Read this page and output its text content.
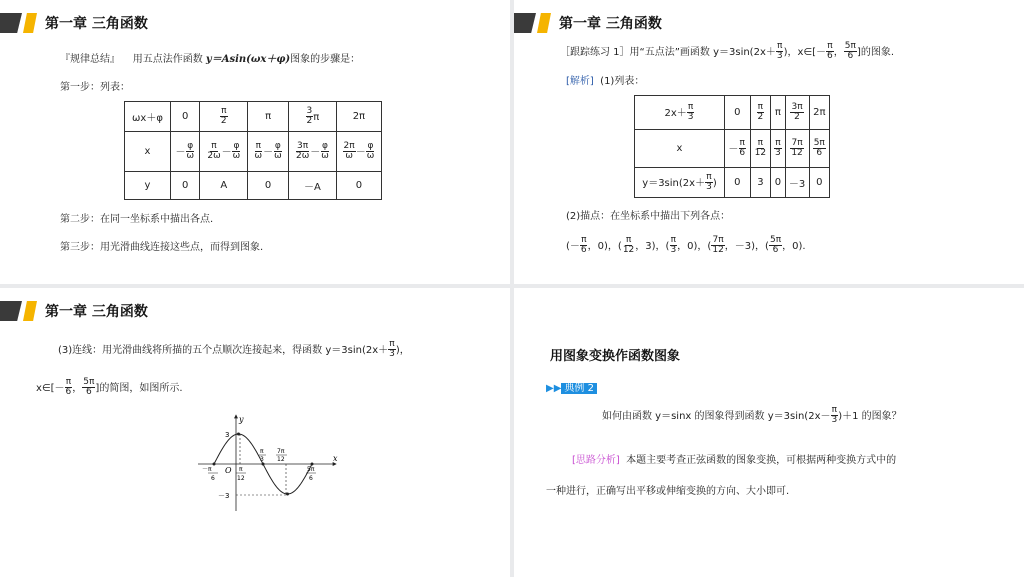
第一章 三角函数
『规律总结』 用五点法作函数 y＝Asin(ωx＋φ)图象的步骤是：
第一步：列表：
ωx＋φ	0	$\frac{\pi}{2}$	π	$\frac{3}{2}$ π	2π
x	－ $\frac{\varphi}{\omega}$	$\frac{\pi}{2\omega} - \frac{\varphi}{\omega}$	$\frac{\pi}{\omega} - \frac{\varphi}{\omega}$	$\frac{3\pi}{2\omega} - \frac{\varphi}{\omega}$	$\frac{2\pi}{\omega} - \frac{\varphi}{\omega}$

y	0	A	0	－A	0
第二步：在同一坐标系中描出各点.
第三步：用光滑曲线连接这些点，而得到图象.
第一章 三角函数
［跟踪练习 1］用“五点法”画函数 $y=3\sin(2x+ \frac{\pi}{3}$ )，x∈[－ $\frac{\pi}{6}$ ， $\frac{5\pi}{6}$ ]的图象.
[解析] (1)列表：
$2x+ \frac{\pi}{3}$	0	$\frac{\pi}{2}$	π	$\frac{3\pi}{2}$	2π
x	－ $\frac{\pi}{6}$	$\frac{\pi}{12}$	$\frac{\pi}{3}$	$\frac{7\pi}{12}$	$\frac{5\pi}{6}$

$y=3\sin(2x+ \frac{\pi}{3}$ )	0	3	0	－3	0
(2)描点：在坐标系中描出下列各点：
(－ $\frac{\pi}{6}$ ，0)，( $\frac{\pi}{12}$ ，3)，( $\frac{\pi}{3}$ ，0)，( $\frac{7\pi}{12}$ ，－3)，( $\frac{5\pi}{6}$ ，0).
第一章 三角函数
(3)连线：用光滑曲线将所描的五个点顺次连接起来，得函数 $y=3\sin(2x+ \frac{\pi}{3}$ )，
x∈[－ $\frac{\pi}{6}$ ， $\frac{5\pi}{6}$ ]的简图，如图所示.
y
x
O
3
－3
π
3
7π
12
－π
6
π
12
5π
6
用图象变换作函数图象
▶▶ 典例 2
如何由函数 y＝sinx 的图象得到函数 $y=3\sin(2x- \frac{\pi}{3} )+1$ 的图象？
[思路分析] 本题主要考查正弦函数的图象变换，可根据两种变换方式中的
一种进行，正确写出平移或伸缩变换的方向、大小即可.
